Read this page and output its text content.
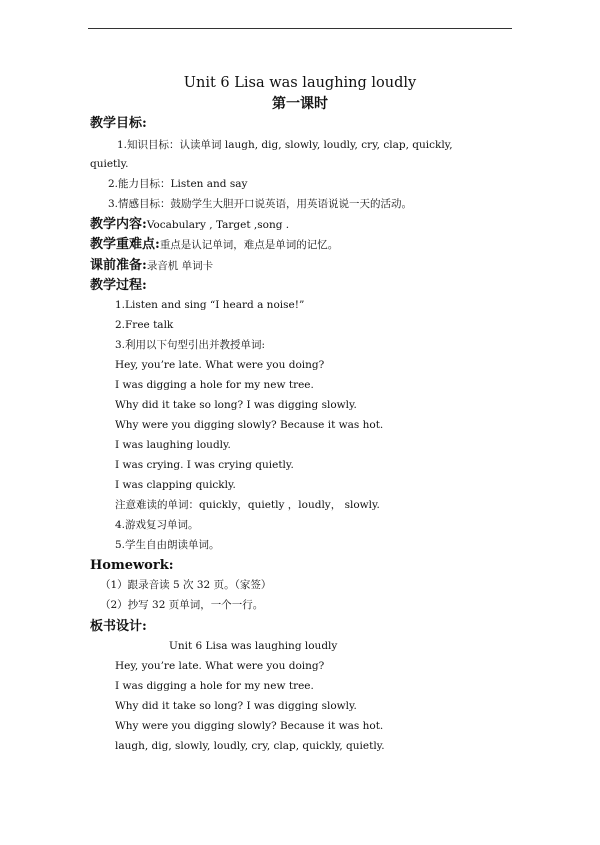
Unit 6 Lisa was laughing loudly
第一课时
教学目标:
1.知识目标：认读单词 laugh, dig, slowly, loudly, cry, clap, quickly,
quietly.
2.能力目标：Listen and say
3.情感目标：鼓励学生大胆开口说英语，用英语说说一天的活动。
教学内容:Vocabulary , Target ,song .
教学重难点:重点是认记单词，难点是单词的记忆。
课前准备:录音机 单词卡
教学过程:
1.Listen and sing “I heard a noise!”
2.Free talk
3.利用以下句型引出并教授单词:
Hey, you’re late. What were you doing?
I was digging a hole for my new tree.
Why did it take so long? I was digging slowly.
Why were you digging slowly? Because it was hot.
I was laughing loudly.
I was crying. I was crying quietly.
I was clapping quickly.
注意难读的单词：quickly，quietly ，loudly， slowly.
4.游戏复习单词。
5.学生自由朗读单词。
Homework:
（1）跟录音读 5 次 32 页。（家签）
（2）抄写 32 页单词，一个一行。
板书设计:
Unit 6 Lisa was laughing loudly
Hey, you’re late. What were you doing?
I was digging a hole for my new tree.
Why did it take so long? I was digging slowly.
Why were you digging slowly? Because it was hot.
laugh, dig, slowly, loudly, cry, clap, quickly, quietly.
